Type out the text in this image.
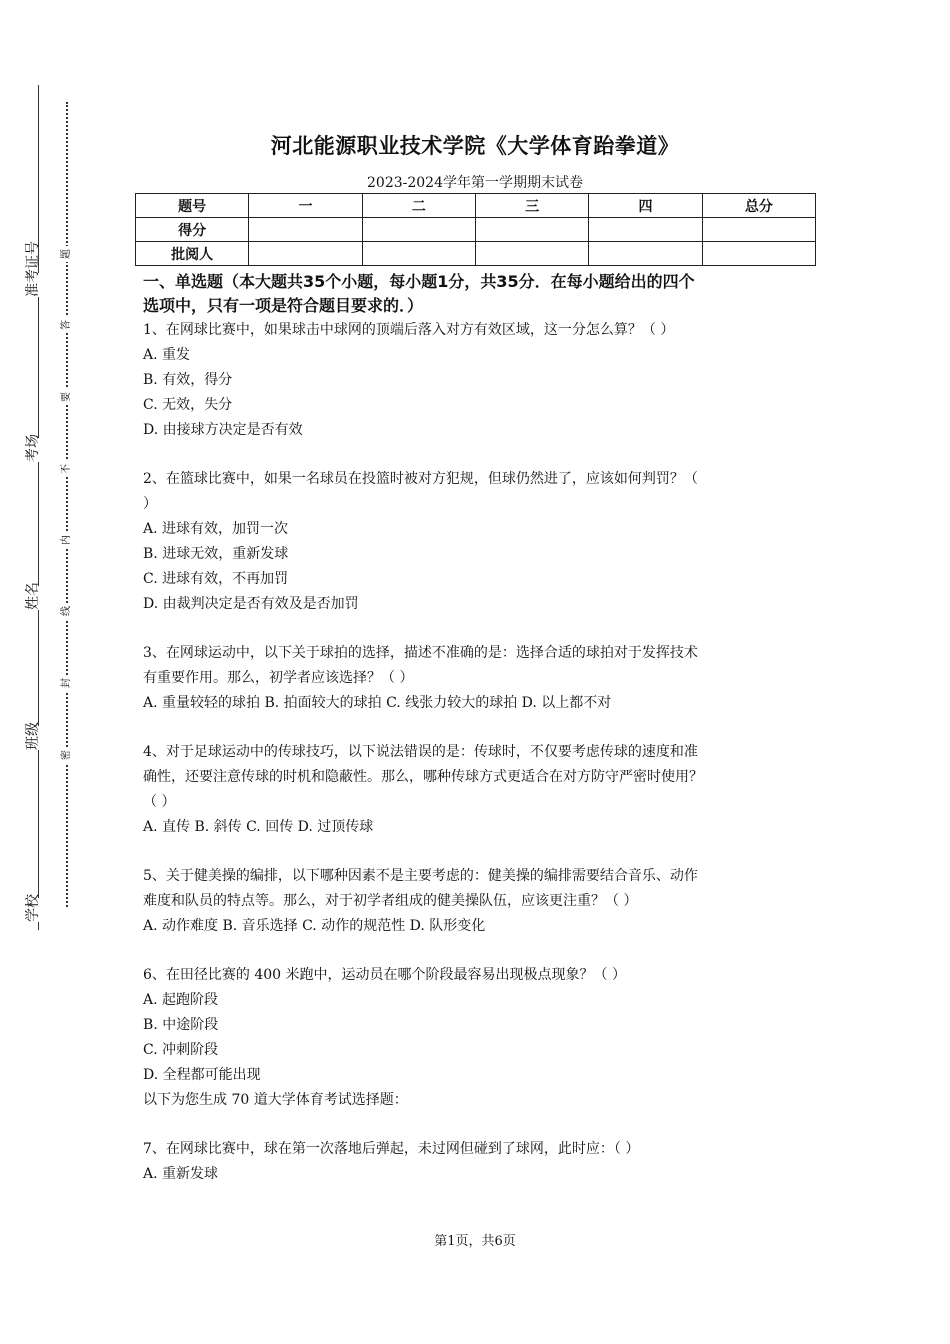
准考证号
考场
姓名
班级
学校
题
答
要
不
内
线
封
密
河北能源职业技术学院《大学体育跆拳道》
2023-2024学年第一学期期末试卷
题号	一	二	三	四	总分
得分					
批阅人					

一、单选题（本大题共35个小题，每小题1分，共35分．在每小题给出的四个

选项中，只有一项是符合题目要求的．）

1、在网球比赛中，如果球击中球网的顶端后落入对方有效区域，这一分怎么算？（ ）

A. 重发

B. 有效，得分

C. 无效，失分

D. 由接球方决定是否有效

2、在篮球比赛中，如果一名球员在投篮时被对方犯规，但球仍然进了，应该如何判罚？（

）

A. 进球有效，加罚一次

B. 进球无效，重新发球

C. 进球有效，不再加罚

D. 由裁判决定是否有效及是否加罚

3、在网球运动中，以下关于球拍的选择，描述不准确的是：选择合适的球拍对于发挥技术

有重要作用。那么，初学者应该选择？（ ）

A. 重量较轻的球拍 B. 拍面较大的球拍 C. 线张力较大的球拍 D. 以上都不对

4、对于足球运动中的传球技巧，以下说法错误的是：传球时，不仅要考虑传球的速度和准

确性，还要注意传球的时机和隐蔽性。那么，哪种传球方式更适合在对方防守严密时使用？

（ ）

A. 直传 B. 斜传 C. 回传 D. 过顶传球

5、关于健美操的编排，以下哪种因素不是主要考虑的：健美操的编排需要结合音乐、动作

难度和队员的特点等。那么，对于初学者组成的健美操队伍，应该更注重？（ ）

A. 动作难度 B. 音乐选择 C. 动作的规范性 D. 队形变化

6、在田径比赛的 400 米跑中，运动员在哪个阶段最容易出现极点现象？（ ）

A. 起跑阶段

B. 中途阶段

C. 冲刺阶段

D. 全程都可能出现

以下为您生成 70 道大学体育考试选择题：

7、在网球比赛中，球在第一次落地后弹起，未过网但碰到了球网，此时应：（ ）

A. 重新发球

第1页，共6页
